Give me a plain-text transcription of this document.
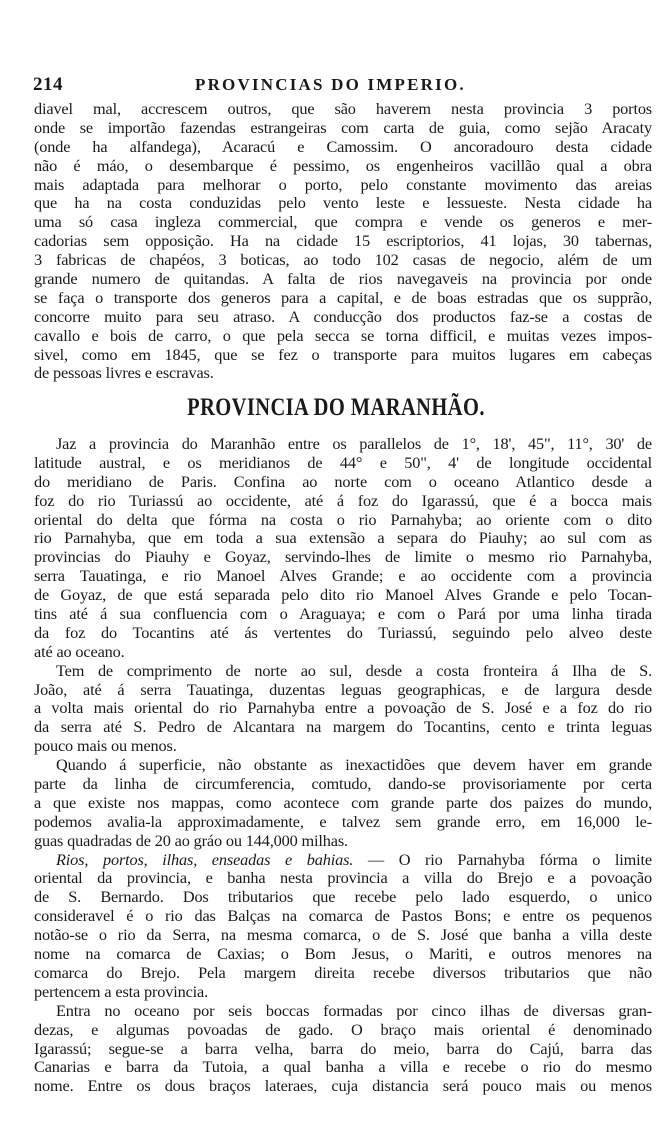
214	PROVINCIAS DO IMPERIO.
diavel mal, accrescem outros, que são haverem nesta provincia 3 portos
onde se importão fazendas estrangeiras com carta de guia, como sejão Aracaty
(onde ha alfandega), Acaracú e Camossim. O ancoradouro desta cidade
não é máo, o desembarque é pessimo, os engenheiros vacillão qual a obra
mais adaptada para melhorar o porto, pelo constante movimento das areias
que ha na costa conduzidas pelo vento leste e lessueste. Nesta cidade ha
uma só casa ingleza commercial, que compra e vende os generos e mer-
cadorias sem opposição. Ha na cidade 15 escriptorios, 41 lojas, 30 tabernas,
3 fabricas de chapéos, 3 boticas, ao todo 102 casas de negocio, além de um
grande numero de quitandas. A falta de rios navegaveis na provincia por onde
se faça o transporte dos generos para a capital, e de boas estradas que os supprão,
concorre muito para seu atraso. A conducção dos productos faz-se a costas de
cavallo e bois de carro, o que pela secca se torna difficil, e muitas vezes impos-
sivel, como em 1845, que se fez o transporte para muitos lugares em cabeças
de pessoas livres e escravas.
PROVINCIA DO MARANHÃO.
Jaz a provincia do Maranhão entre os parallelos de 1°, 18', 45", 11°, 30' de
latitude austral, e os meridianos de 44° e 50", 4' de longitude occidental
do meridiano de Paris. Confina ao norte com o oceano Atlantico desde a
foz do rio Turiassú ao occidente, até á foz do Igarassú, que é a bocca mais
oriental do delta que fórma na costa o rio Parnahyba; ao oriente com o dito
rio Parnahyba, que em toda a sua extensão a separa do Piauhy; ao sul com as
provincias do Piauhy e Goyaz, servindo-lhes de limite o mesmo rio Parnahyba,
serra Tauatinga, e rio Manoel Alves Grande; e ao occidente com a provincia
de Goyaz, de que está separada pelo dito rio Manoel Alves Grande e pelo Tocan-
tins até á sua confluencia com o Araguaya; e com o Pará por uma linha tirada
da foz do Tocantins até ás vertentes do Turiassú, seguindo pelo alveo deste
até ao oceano.
Tem de comprimento de norte ao sul, desde a costa fronteira á Ilha de S.
João, até á serra Tauatinga, duzentas leguas geographicas, e de largura desde
a volta mais oriental do rio Parnahyba entre a povoação de S. José e a foz do rio
da serra até S. Pedro de Alcantara na margem do Tocantins, cento e trinta leguas
pouco mais ou menos.
Quando á superficie, não obstante as inexactidões que devem haver em grande
parte da linha de circumferencia, comtudo, dando-se provisoriamente por certa
a que existe nos mappas, como acontece com grande parte dos paizes do mundo,
podemos avalia-la approximadamente, e talvez sem grande erro, em 16,000 le-
guas quadradas de 20 ao gráo ou 144,000 milhas.
Rios, portos, ilhas, enseadas e bahias. — O rio Parnahyba fórma o limite
oriental da provincia, e banha nesta provincia a villa do Brejo e a povoação
de S. Bernardo. Dos tributarios que recebe pelo lado esquerdo, o unico
consideravel é o rio das Balças na comarca de Pastos Bons; e entre os pequenos
notão-se o rio da Serra, na mesma comarca, o de S. José que banha a villa deste
nome na comarca de Caxias; o Bom Jesus, o Mariti, e outros menores na
comarca do Brejo. Pela margem direita recebe diversos tributarios que não
pertencem a esta provincia.
Entra no oceano por seis boccas formadas por cinco ilhas de diversas gran-
dezas, e algumas povoadas de gado. O braço mais oriental é denominado
Igarassú; segue-se a barra velha, barra do meio, barra do Cajú, barra das
Canarias e barra da Tutoia, a qual banha a villa e recebe o rio do mesmo
nome. Entre os dous braços lateraes, cuja distancia será pouco mais ou menos
